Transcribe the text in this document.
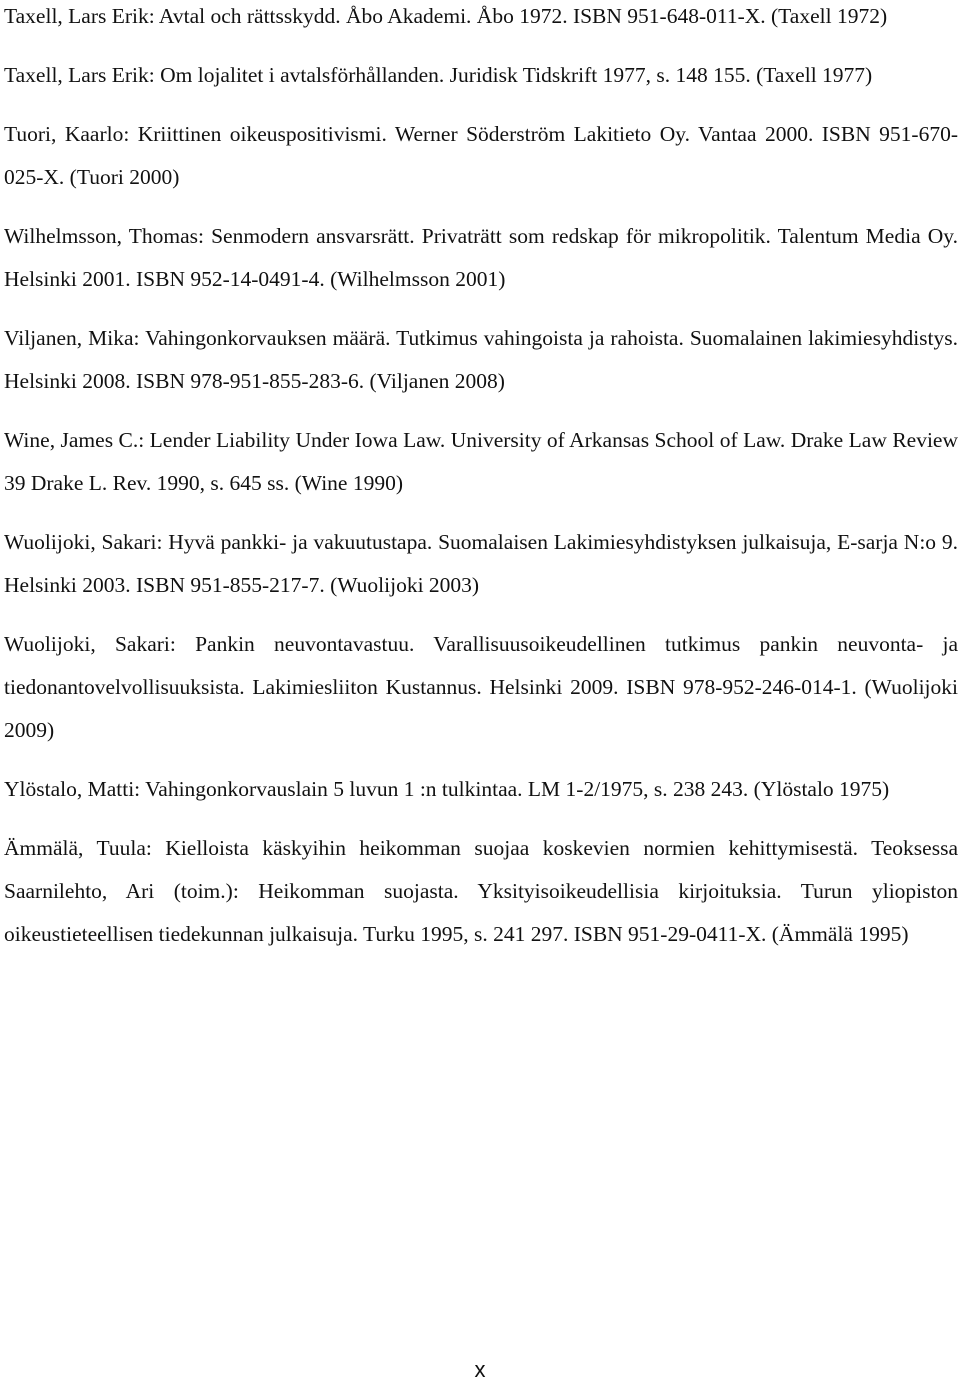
Taxell, Lars Erik: Avtal och rättsskydd. Åbo Akademi. Åbo 1972. ISBN 951-648-011-X. (Taxell 1972)
Taxell, Lars Erik: Om lojalitet i avtalsförhållanden. Juridisk Tidskrift 1977, s. 148 155. (Taxell 1977)
Tuori, Kaarlo: Kriittinen oikeuspositivismi. Werner Söderström Lakitieto Oy. Vantaa 2000. ISBN 951-670-025-X. (Tuori 2000)
Wilhelmsson, Thomas: Senmodern ansvarsrätt. Privaträtt som redskap för mikropolitik. Talentum Media Oy. Helsinki 2001. ISBN 952-14-0491-4. (Wilhelmsson 2001)
Viljanen, Mika: Vahingonkorvauksen määrä. Tutkimus vahingoista ja rahoista. Suomalainen lakimiesyhdistys. Helsinki 2008. ISBN 978-951-855-283-6. (Viljanen 2008)
Wine, James C.: Lender Liability Under Iowa Law. University of Arkansas School of Law. Drake Law Review 39 Drake L. Rev. 1990, s. 645 ss. (Wine 1990)
Wuolijoki, Sakari: Hyvä pankki- ja vakuutustapa. Suomalaisen Lakimiesyhdistyksen julkaisuja, E-sarja N:o 9. Helsinki 2003. ISBN 951-855-217-7. (Wuolijoki 2003)
Wuolijoki, Sakari: Pankin neuvontavastuu. Varallisuusoikeudellinen tutkimus pankin neuvonta- ja tiedonantovelvollisuuksista. Lakimiesliiton Kustannus. Helsinki 2009. ISBN 978-952-246-014-1. (Wuolijoki 2009)
Ylöstalo, Matti: Vahingonkorvauslain 5 luvun 1 :n tulkintaa. LM 1-2/1975, s. 238 243. (Ylöstalo 1975)
Ämmälä, Tuula: Kielloista käskyihin heikomman suojaa koskevien normien kehittymisestä. Teoksessa Saarnilehto, Ari (toim.): Heikomman suojasta. Yksityisoikeudellisia kirjoituksia. Turun yliopiston oikeustieteellisen tiedekunnan julkaisuja. Turku 1995, s. 241 297. ISBN 951-29-0411-X. (Ämmälä 1995)
x
